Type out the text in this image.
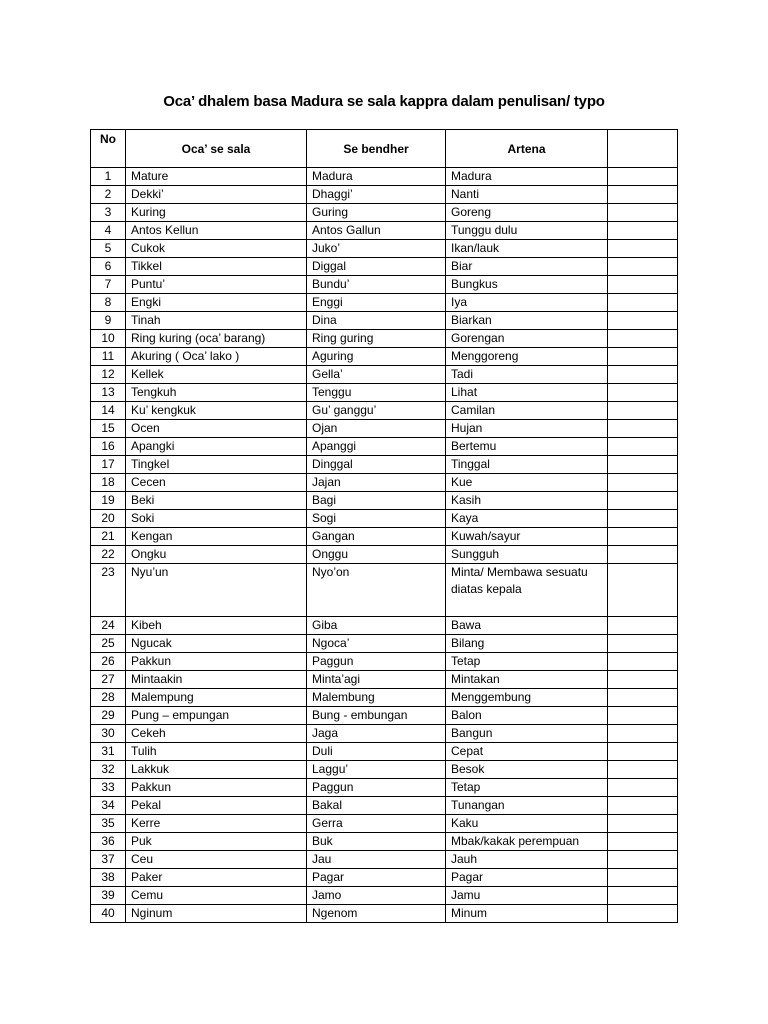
Oca’ dhalem basa Madura se sala kappra dalam penulisan/ typo
No	Oca’ se sala	Se bendher	Artena	
1	Mature	Madura	Madura	
2	Dekki’	Dhaggi’	Nanti	
3	Kuring	Guring	Goreng	
4	Antos Kellun	Antos Gallun	Tunggu dulu	
5	Cukok	Juko’	Ikan/lauk	
6	Tikkel	Diggal	Biar	
7	Puntu’	Bundu’	Bungkus	
8	Engki	Enggi	Iya	
9	Tinah	Dina	Biarkan	
10	Ring kuring (oca’ barang)	Ring guring	Gorengan	
11	Akuring ( Oca’ lako )	Aguring	Menggoreng	
12	Kellek	Gella’	Tadi	
13	Tengkuh	Tenggu	Lihat	
14	Ku’ kengkuk	Gu’ ganggu’	Camilan	
15	Ocen	Ojan	Hujan	
16	Apangki	Apanggi	Bertemu	
17	Tingkel	Dinggal	Tinggal	
18	Cecen	Jajan	Kue	
19	Beki	Bagi	Kasih	
20	Soki	Sogi	Kaya	
21	Kengan	Gangan	Kuwah/sayur	
22	Ongku	Onggu	Sungguh	
23	Nyu’un	Nyo’on	Minta/ Membawa sesuatu diatas kepala	
24	Kibeh	Giba	Bawa	
25	Ngucak	Ngoca’	Bilang	
26	Pakkun	Paggun	Tetap	
27	Mintaakin	Minta’agi	Mintakan	
28	Malempung	Malembung	Menggembung	
29	Pung – empungan	Bung - embungan	Balon	
30	Cekeh	Jaga	Bangun	
31	Tulih	Duli	Cepat	
32	Lakkuk	Laggu’	Besok	
33	Pakkun	Paggun	Tetap	
34	Pekal	Bakal	Tunangan	
35	Kerre	Gerra	Kaku	
36	Puk	Buk	Mbak/kakak perempuan	
37	Ceu	Jau	Jauh	
38	Paker	Pagar	Pagar	
39	Cemu	Jamo	Jamu	
40	Nginum	Ngenom	Minum	
